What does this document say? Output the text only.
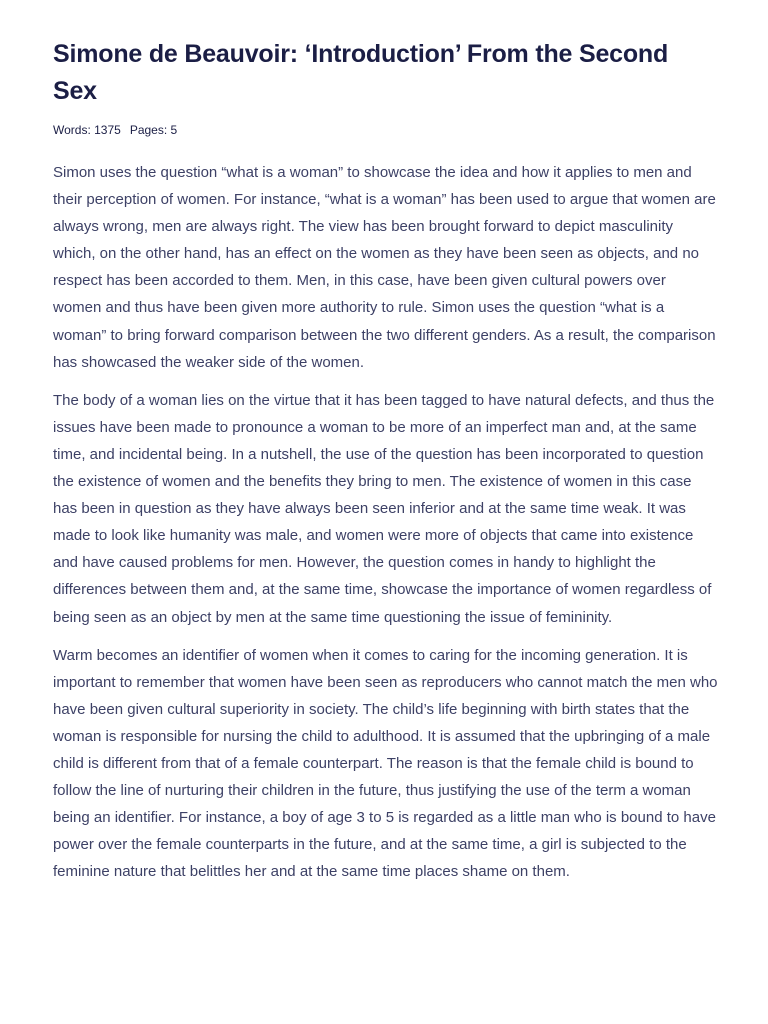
Simone de Beauvoir: ‘Introduction’ From the Second Sex
Words: 1375 Pages: 5

Simon uses the question “what is a woman” to showcase the idea and how it applies to men and their perception of women. For instance, “what is a woman” has been used to argue that women are always wrong, men are always right. The view has been brought forward to depict masculinity which, on the other hand, has an effect on the women as they have been seen as objects, and no respect has been accorded to them. Men, in this case, have been given cultural powers over women and thus have been given more authority to rule. Simon uses the question “what is a woman” to bring forward comparison between the two different genders. As a result, the comparison has showcased the weaker side of the women.

The body of a woman lies on the virtue that it has been tagged to have natural defects, and thus the issues have been made to pronounce a woman to be more of an imperfect man and, at the same time, and incidental being. In a nutshell, the use of the question has been incorporated to question the existence of women and the benefits they bring to men. The existence of women in this case has been in question as they have always been seen inferior and at the same time weak. It was made to look like humanity was male, and women were more of objects that came into existence and have caused problems for men. However, the question comes in handy to highlight the differences between them and, at the same time, showcase the importance of women regardless of being seen as an object by men at the same time questioning the issue of femininity.

Warm becomes an identifier of women when it comes to caring for the incoming generation. It is important to remember that women have been seen as reproducers who cannot match the men who have been given cultural superiority in society. The child’s life beginning with birth states that the woman is responsible for nursing the child to adulthood. It is assumed that the upbringing of a male child is different from that of a female counterpart. The reason is that the female child is bound to follow the line of nurturing their children in the future, thus justifying the use of the term a woman being an identifier. For instance, a boy of age 3 to 5 is regarded as a little man who is bound to have power over the female counterparts in the future, and at the same time, a girl is subjected to the feminine nature that belittles her and at the same time places shame on them.
